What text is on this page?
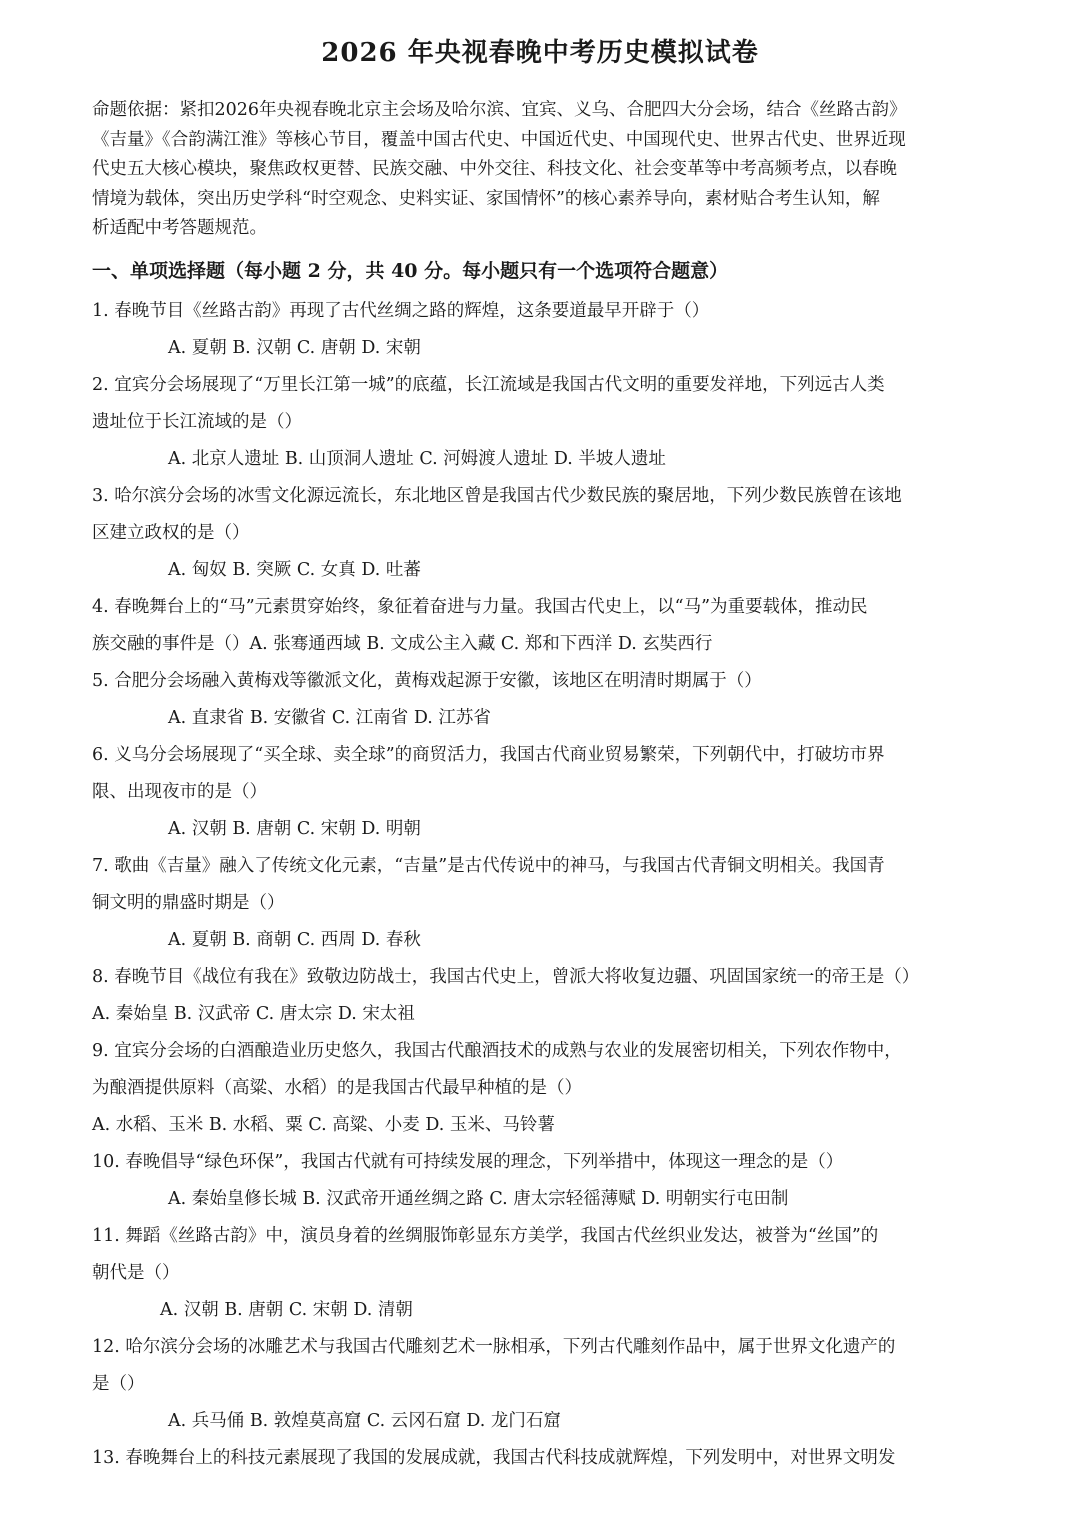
2026 年央视春晚中考历史模拟试卷

命题依据：紧扣2026年央视春晚北京主会场及哈尔滨、宜宾、义乌、合肥四大分会场，结合《丝路古韵》
《吉量》《合韵满江淮》等核心节目，覆盖中国古代史、中国近代史、中国现代史、世界古代史、世界近现
代史五大核心模块，聚焦政权更替、民族交融、中外交往、科技文化、社会变革等中考高频考点，以春晚
情境为载体，突出历史学科“时空观念、史料实证、家国情怀”的核心素养导向，素材贴合考生认知，解
析适配中考答题规范。

一、单项选择题（每小题 2 分，共 40 分。每小题只有一个选项符合题意）

1. 春晚节目《丝路古韵》再现了古代丝绸之路的辉煌，这条要道最早开辟于（）

A. 夏朝 B. 汉朝 C. 唐朝 D. 宋朝

2. 宜宾分会场展现了“万里长江第一城”的底蕴，长江流域是我国古代文明的重要发祥地，下列远古人类

遗址位于长江流域的是（）

A. 北京人遗址 B. 山顶洞人遗址 C. 河姆渡人遗址 D. 半坡人遗址

3. 哈尔滨分会场的冰雪文化源远流长，东北地区曾是我国古代少数民族的聚居地，下列少数民族曾在该地

区建立政权的是（）

A. 匈奴 B. 突厥 C. 女真 D. 吐蕃

4. 春晚舞台上的“马”元素贯穿始终，象征着奋进与力量。我国古代史上，以“马”为重要载体，推动民

族交融的事件是（）A. 张骞通西域 B. 文成公主入藏 C. 郑和下西洋 D. 玄奘西行

5. 合肥分会场融入黄梅戏等徽派文化，黄梅戏起源于安徽，该地区在明清时期属于（）

A. 直隶省 B. 安徽省 C. 江南省 D. 江苏省

6. 义乌分会场展现了“买全球、卖全球”的商贸活力，我国古代商业贸易繁荣，下列朝代中，打破坊市界

限、出现夜市的是（）

A. 汉朝 B. 唐朝 C. 宋朝 D. 明朝

7. 歌曲《吉量》融入了传统文化元素，“吉量”是古代传说中的神马，与我国古代青铜文明相关。我国青

铜文明的鼎盛时期是（）

A. 夏朝 B. 商朝 C. 西周 D. 春秋

8. 春晚节目《战位有我在》致敬边防战士，我国古代史上，曾派大将收复边疆、巩固国家统一的帝王是（）

A. 秦始皇 B. 汉武帝 C. 唐太宗 D. 宋太祖

9. 宜宾分会场的白酒酿造业历史悠久，我国古代酿酒技术的成熟与农业的发展密切相关，下列农作物中，

为酿酒提供原料（高粱、水稻）的是我国古代最早种植的是（）

A. 水稻、玉米 B. 水稻、粟 C. 高粱、小麦 D. 玉米、马铃薯

10. 春晚倡导“绿色环保”，我国古代就有可持续发展的理念，下列举措中，体现这一理念的是（）

A. 秦始皇修长城 B. 汉武帝开通丝绸之路 C. 唐太宗轻徭薄赋 D. 明朝实行屯田制

11. 舞蹈《丝路古韵》中，演员身着的丝绸服饰彰显东方美学，我国古代丝织业发达，被誉为“丝国”的

朝代是（）

A. 汉朝 B. 唐朝 C. 宋朝 D. 清朝

12. 哈尔滨分会场的冰雕艺术与我国古代雕刻艺术一脉相承，下列古代雕刻作品中，属于世界文化遗产的

是（）

A. 兵马俑 B. 敦煌莫高窟 C. 云冈石窟 D. 龙门石窟

13. 春晚舞台上的科技元素展现了我国的发展成就，我国古代科技成就辉煌，下列发明中，对世界文明发
